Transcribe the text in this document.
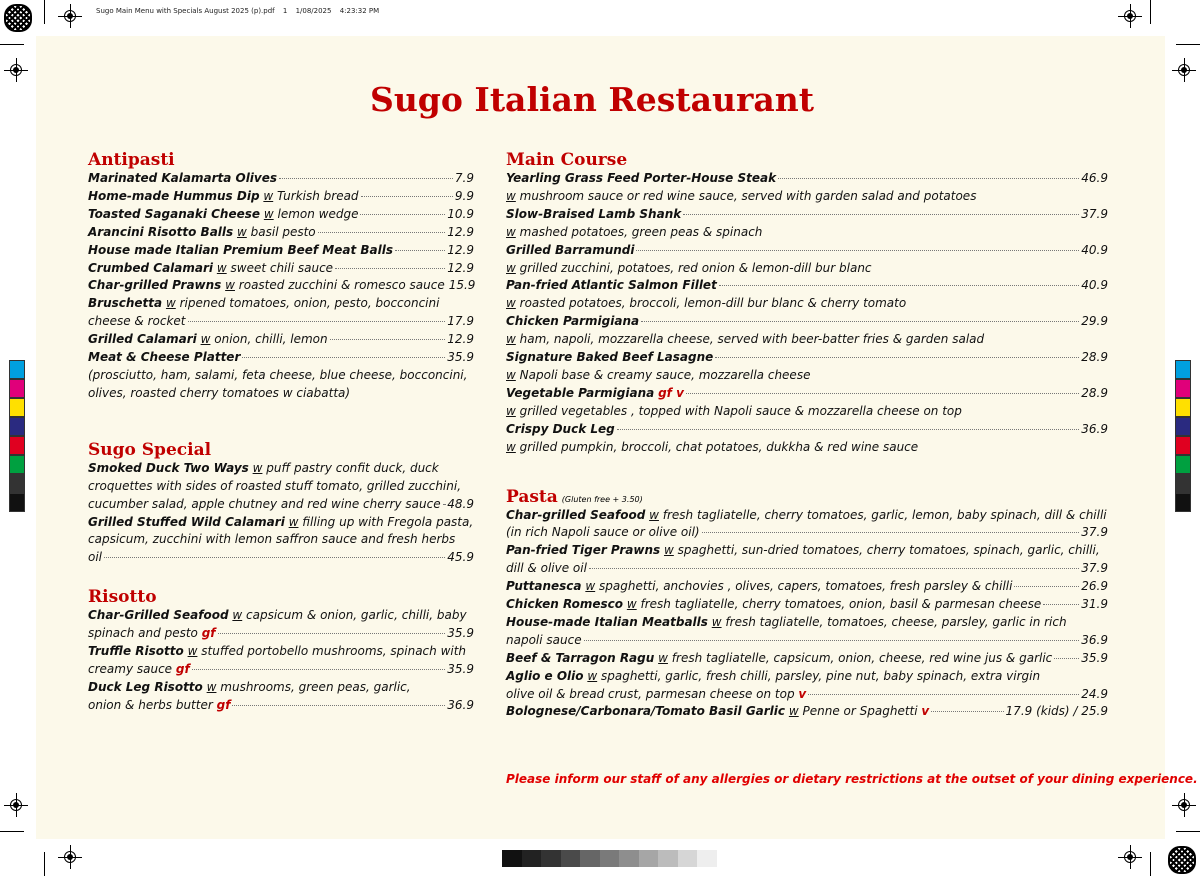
Sugo Main Menu with Specials August 2025 (p).pdf 1 1/08/2025 4:23:32 PM
Sugo Italian Restaurant
Antipasti
Marinated Kalamarta Olives	7.9
Home-made Hummus Dip w Turkish bread	9.9
Toasted Saganaki Cheese w lemon wedge	10.9
Arancini Risotto Balls w basil pesto	12.9
House made Italian Premium Beef Meat Balls	12.9
Crumbed Calamari w sweet chili sauce	12.9
Char-grilled Prawns w roasted zucchini & romesco sauce 15.9
Bruschetta w ripened tomatoes, onion, pesto, bocconcini
cheese & rocket	17.9
Grilled Calamari w onion, chilli, lemon	12.9
Meat & Cheese Platter	35.9
(prosciutto, ham, salami, feta cheese, blue cheese, bocconcini,
olives, roasted cherry tomatoes w ciabatta)
Sugo Special
Smoked Duck Two Ways w puff pastry confit duck, duck
croquettes with sides of roasted stuff tomato, grilled zucchini,
cucumber salad, apple chutney and red wine cherry sauce 48.9
Grilled Stuffed Wild Calamari w filling up with Fregola pasta,
capsicum, zucchini with lemon saffron sauce and fresh herbs
oil	45.9
Risotto
Char-Grilled Seafood w capsicum & onion, garlic, chilli, baby
spinach and pesto gf	35.9
Truffle Risotto w stuffed portobello mushrooms, spinach with
creamy sauce gf	35.9
Duck Leg Risotto w mushrooms, green peas, garlic,
onion & herbs butter gf	36.9
Main Course
Yearling Grass Feed Porter-House Steak	46.9
w mushroom sauce or red wine sauce, served with garden salad and potatoes
Slow-Braised Lamb Shank	37.9
w mashed potatoes, green peas & spinach
Grilled Barramundi	40.9
w grilled zucchini, potatoes, red onion & lemon-dill bur blanc
Pan-fried Atlantic Salmon Fillet	40.9
w roasted potatoes, broccoli, lemon-dill bur blanc & cherry tomato
Chicken Parmigiana	29.9
w ham, napoli, mozzarella cheese, served with beer-batter fries & garden salad
Signature Baked Beef Lasagne	28.9
w Napoli base & creamy sauce, mozzarella cheese
Vegetable Parmigiana gf v	28.9
w grilled vegetables , topped with Napoli sauce & mozzarella cheese on top
Crispy Duck Leg	36.9
w grilled pumpkin, broccoli, chat potatoes, dukkha & red wine sauce
Pasta (Gluten free + 3.50)
Char-grilled Seafood w fresh tagliatelle, cherry tomatoes, garlic, lemon, baby spinach, dill & chilli
(in rich Napoli sauce or olive oil)	37.9
Pan-fried Tiger Prawns w spaghetti, sun-dried tomatoes, cherry tomatoes, spinach, garlic, chilli,
dill & olive oil	37.9
Puttanesca w spaghetti, anchovies , olives, capers, tomatoes, fresh parsley & chilli	26.9
Chicken Romesco w fresh tagliatelle, cherry tomatoes, onion, basil & parmesan cheese	31.9
House-made Italian Meatballs w fresh tagliatelle, tomatoes, cheese, parsley, garlic in rich
napoli sauce	36.9
Beef & Tarragon Ragu w fresh tagliatelle, capsicum, onion, cheese, red wine jus & garlic 35.9
Aglio e Olio w spaghetti, garlic, fresh chilli, parsley, pine nut, baby spinach, extra virgin
olive oil & bread crust, parmesan cheese on top v	24.9
Bolognese/Carbonara/Tomato Basil Garlic w Penne or Spaghetti v	17.9 (kids) / 25.9
Please inform our staff of any allergies or dietary restrictions at the outset of your dining experience.
